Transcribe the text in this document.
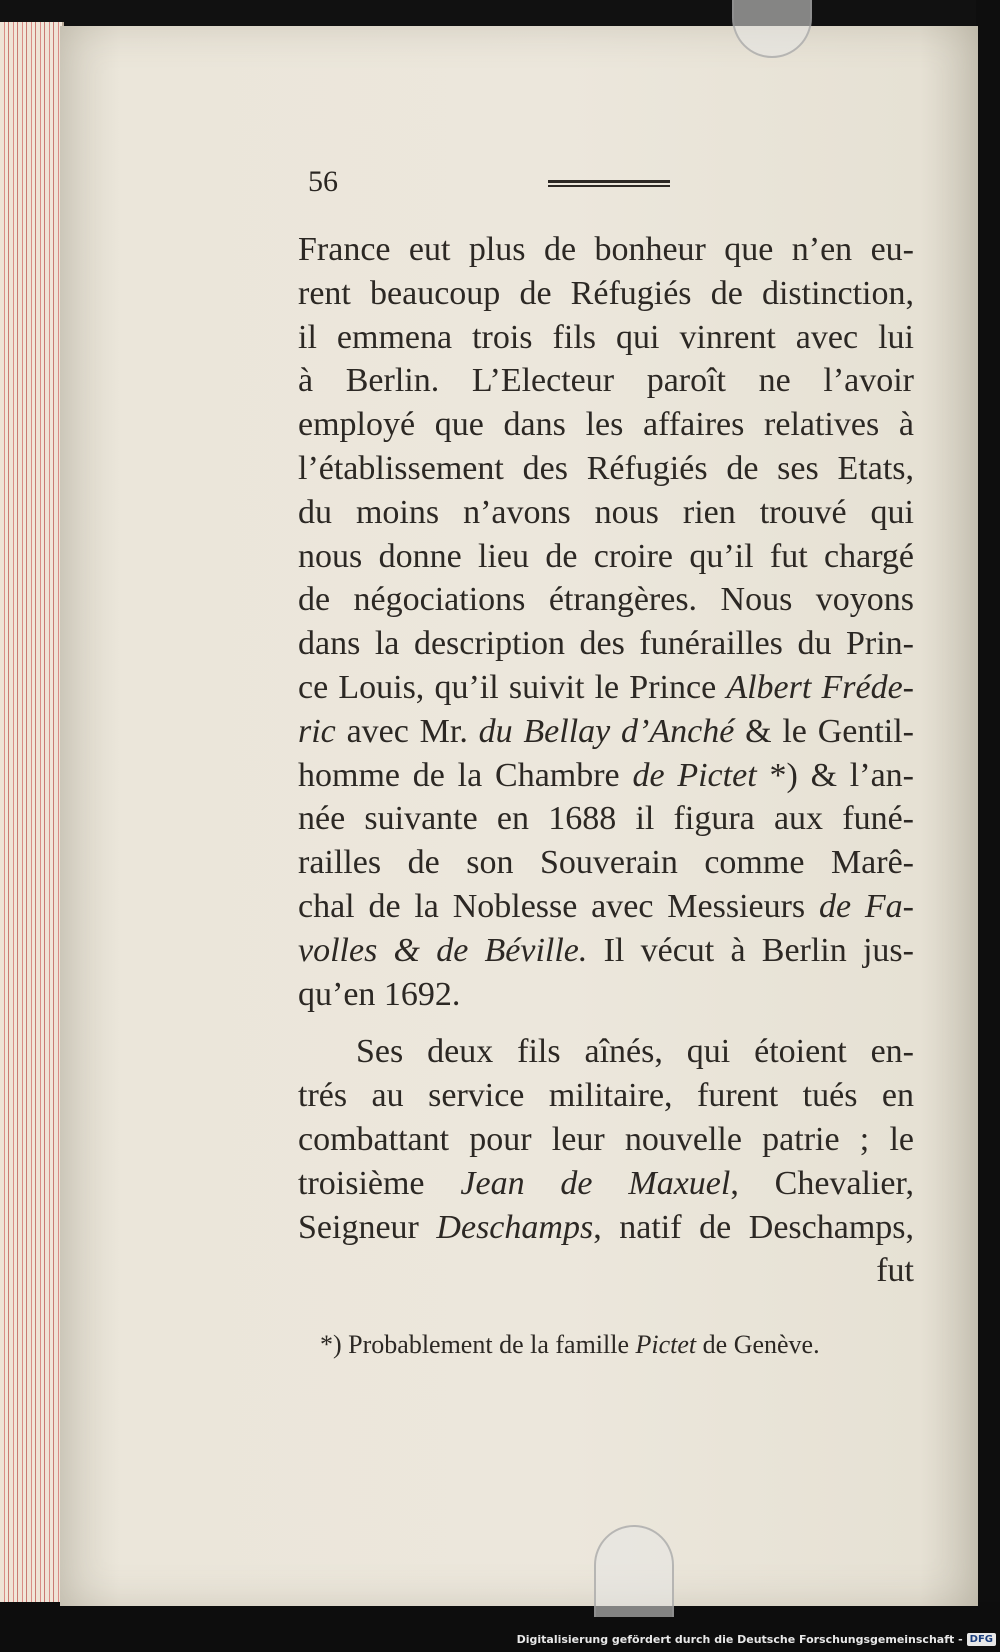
56
France eut plus de bonheur que n’en eu-
rent beaucoup de Réfugiés de distinction,
il emmena trois fils qui vinrent avec lui
à Berlin. L’Electeur paroît ne l’avoir
employé que dans les affaires relatives à
l’établissement des Réfugiés de ses Etats,
du moins n’avons nous rien trouvé qui
nous donne lieu de croire qu’il fut chargé
de négociations étrangères. Nous voyons
dans la description des funérailles du Prin-
ce Louis, qu’il suivit le Prince Albert Fréde-
ric avec Mr. du Bellay d’Anché & le Gentil-
homme de la Chambre de Pictet *) & l’an-
née suivante en 1688 il figura aux funé-
railles de son Souverain comme Marê-
chal de la Noblesse avec Messieurs de Fa-
volles & de Béville. Il vécut à Berlin jus-
qu’en 1692.
Ses deux fils aînés, qui étoient en-
trés au service militaire, furent tués en
combattant pour leur nouvelle patrie ; le
troisième Jean de Maxuel, Chevalier,
Seigneur Deschamps, natif de Deschamps,
fut
*) Probablement de la famille Pictet de Genève.
Digitalisierung gefördert durch die Deutsche Forschungsgemeinschaft - DFG
